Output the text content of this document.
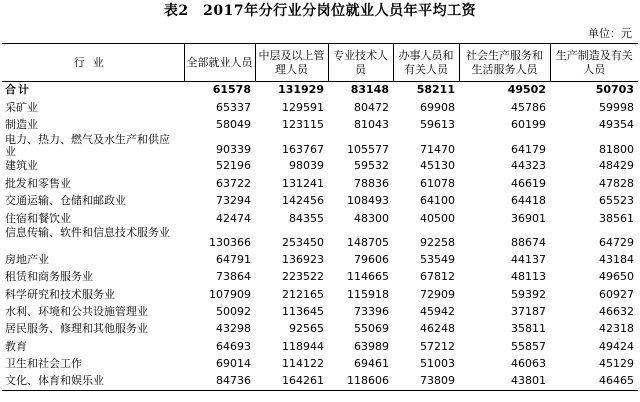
表2　2017年分行业分岗位就业人员年平均工资
单位：元
行业	全部就业人员	中层及以上管理人员	专业技术人员	办事人员和有关人员	社会生产服务和生活服务人员	生产制造及有关人员
合计	61578	131929	83148	58211	49502	50703
采矿业	65337	129591	80472	69908	45786	59998
制造业	58049	123115	81043	59613	60199	49354
电力、热力、燃气及水生产和供应业	90339	163767	105577	71470	64179	81800
建筑业	52196	98039	59532	45130	44323	48429
批发和零售业	63722	131241	78836	61078	46619	47828
交通运输、仓储和邮政业	73294	142456	108493	64100	64418	65523
住宿和餐饮业	42474	84355	48300	40500	36901	38561
信息传输、软件和信息技术服务业	130366	253450	148705	92258	88674	64729
房地产业	64791	136923	79606	53549	44137	43184
租赁和商务服务业	73864	223522	114665	67812	48113	49650
科学研究和技术服务业	107909	212165	115918	72909	59392	60927
水利、环境和公共设施管理业	50092	113645	73396	45942	37187	46632
居民服务、修理和其他服务业	43298	92565	55069	46248	35811	42318
教育	64693	118944	63989	57212	55857	49424
卫生和社会工作	69014	114122	69461	51003	46063	45129
文化、体育和娱乐业	84736	164261	118606	73809	43801	46465
